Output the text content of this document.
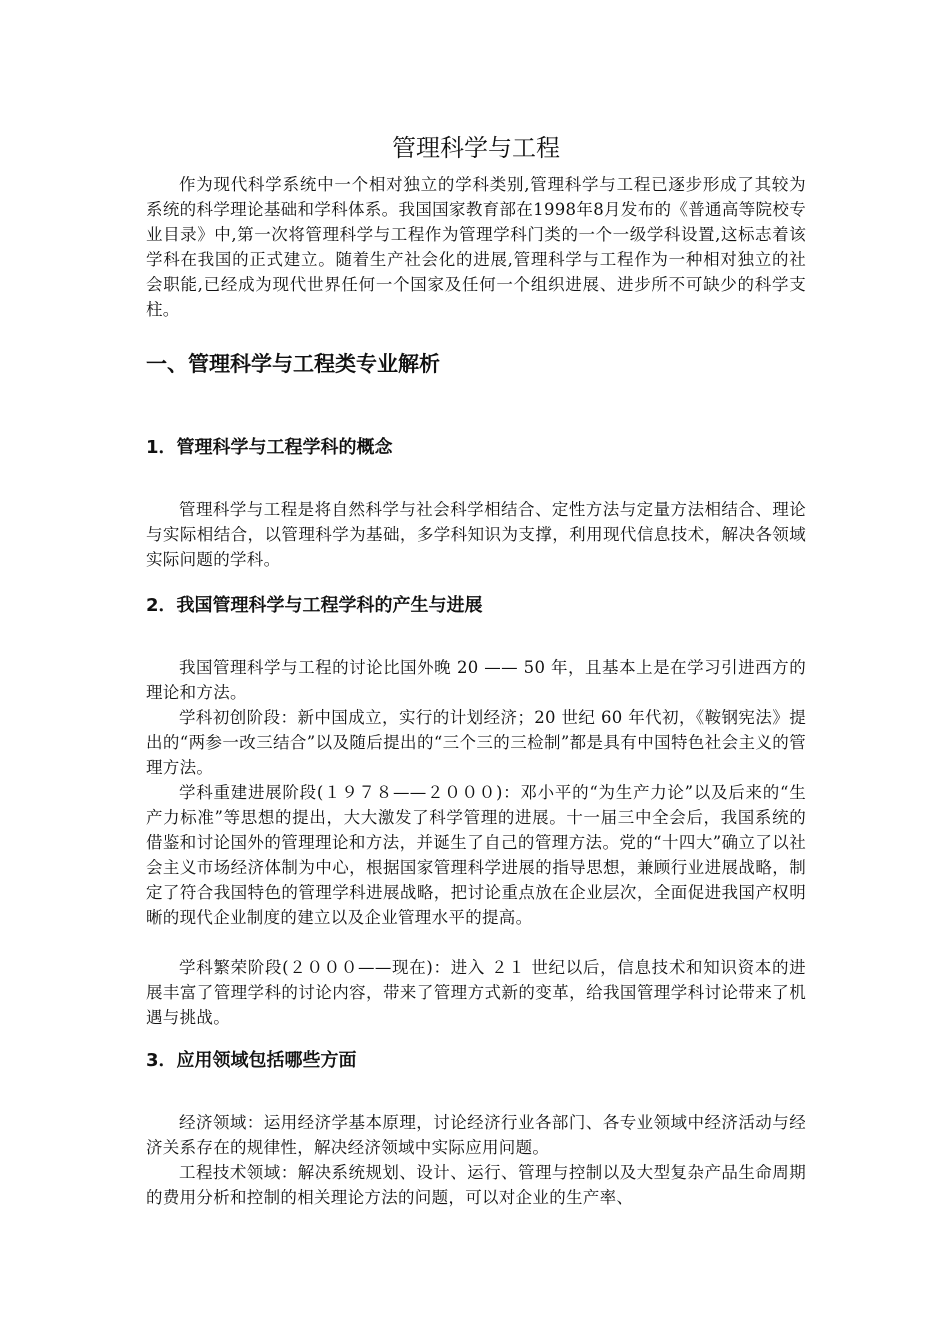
管理科学与工程

作为现代科学系统中一个相对独立的学科类别,管理科学与工程已逐步形成了其较为系统的科学理论基础和学科体系。我国国家教育部在1998年8月发布的《普通高等院校专业目录》中,第一次将管理科学与工程作为管理学科门类的一个一级学科设置,这标志着该学科在我国的正式建立。随着生产社会化的进展,管理科学与工程作为一种相对独立的社会职能,已经成为现代世界任何一个国家及任何一个组织进展、进步所不可缺少的科学支柱。

一、管理科学与工程类专业解析
1．管理科学与工程学科的概念

管理科学与工程是将自然科学与社会科学相结合、定性方法与定量方法相结合、理论与实际相结合，以管理科学为基础，多学科知识为支撑，利用现代信息技术，解决各领域实际问题的学科。

2．我国管理科学与工程学科的产生与进展

我国管理科学与工程的讨论比国外晚 20 —— 50 年，且基本上是在学习引进西方的理论和方法。

学科初创阶段：新中国成立，实行的计划经济；20 世纪 60 年代初，《鞍钢宪法》提出的“两参一改三结合”以及随后提出的“三个三的三检制”都是具有中国特色社会主义的管理方法。

学科重建进展阶段(１９７８——２０００)：邓小平的“为生产力论”以及后来的“生产力标准”等思想的提出，大大激发了科学管理的进展。十一届三中全会后，我国系统的借鉴和讨论国外的管理理论和方法，并诞生了自己的管理方法。党的“十四大”确立了以社会主义市场经济体制为中心，根据国家管理科学进展的指导思想，兼顾行业进展战略，制定了符合我国特色的管理学科进展战略，把讨论重点放在企业层次，全面促进我国产权明晰的现代企业制度的建立以及企业管理水平的提高。

学科繁荣阶段(２０００——现在)：进入 ２１ 世纪以后，信息技术和知识资本的进展丰富了管理学科的讨论内容，带来了管理方式新的变革，给我国管理学科讨论带来了机遇与挑战。

3．应用领域包括哪些方面

经济领域：运用经济学基本原理，讨论经济行业各部门、各专业领域中经济活动与经济关系存在的规律性，解决经济领域中实际应用问题。

工程技术领域：解决系统规划、设计、运行、管理与控制以及大型复杂产品生命周期的费用分析和控制的相关理论方法的问题，可以对企业的生产率、
